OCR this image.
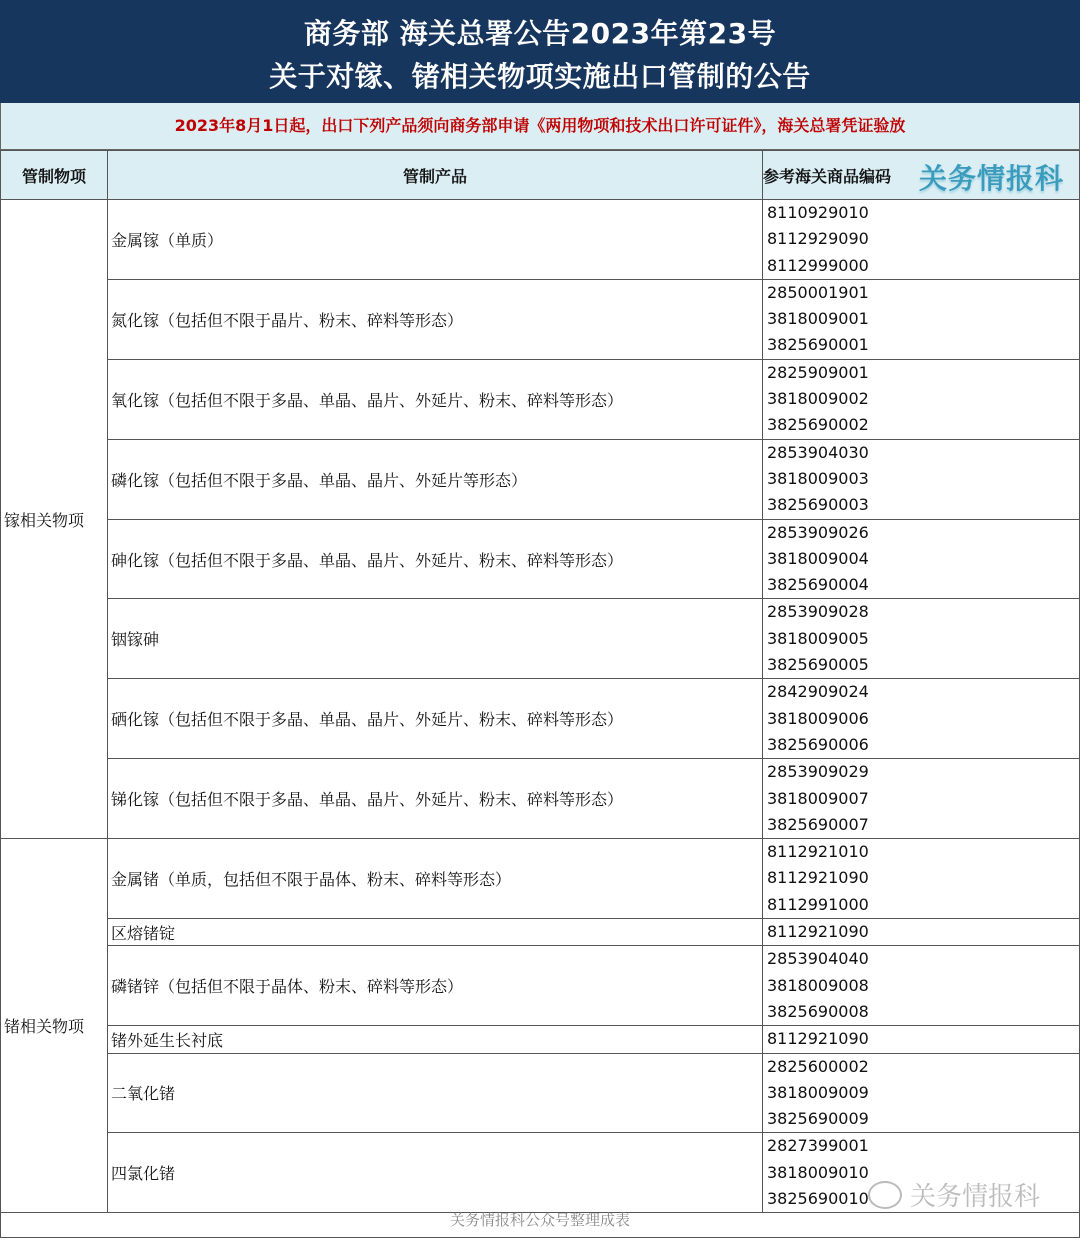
商务部 海关总署公告2023年第23号
关于对镓、锗相关物项实施出口管制的公告
2023年8月1日起，出口下列产品须向商务部申请《两用物项和技术出口许可证件》，海关总署凭证验放
管制物项	管制产品	参考海关商品编码 关务情报科

镓相关物项	金属镓（单质）	8110929010
8112929090
8112999000

	氮化镓（包括但不限于晶片、粉末、碎料等形态）	2850001901
3818009001
3825690001

	氧化镓（包括但不限于多晶、单晶、晶片、外延片、粉末、碎料等形态）	2825909001
3818009002
3825690002

	磷化镓（包括但不限于多晶、单晶、晶片、外延片等形态）	2853904030
3818009003
3825690003

	砷化镓（包括但不限于多晶、单晶、晶片、外延片、粉末、碎料等形态）	2853909026
3818009004
3825690004

	铟镓砷	2853909028
3818009005
3825690005

	硒化镓（包括但不限于多晶、单晶、晶片、外延片、粉末、碎料等形态）	2842909024
3818009006
3825690006

	锑化镓（包括但不限于多晶、单晶、晶片、外延片、粉末、碎料等形态）	2853909029
3818009007
3825690007

锗相关物项	金属锗（单质，包括但不限于晶体、粉末、碎料等形态）	8112921010
8112921090
8112991000

	区熔锗锭	8112921090

	磷锗锌（包括但不限于晶体、粉末、碎料等形态）	2853904040
3818009008
3825690008

	锗外延生长衬底	8112921090

	二氧化锗	2825600002
3818009009
3825690009

	四氯化锗	2827399001
3818009010
3825690010
关务情报科公众号整理成表
关务情报科
